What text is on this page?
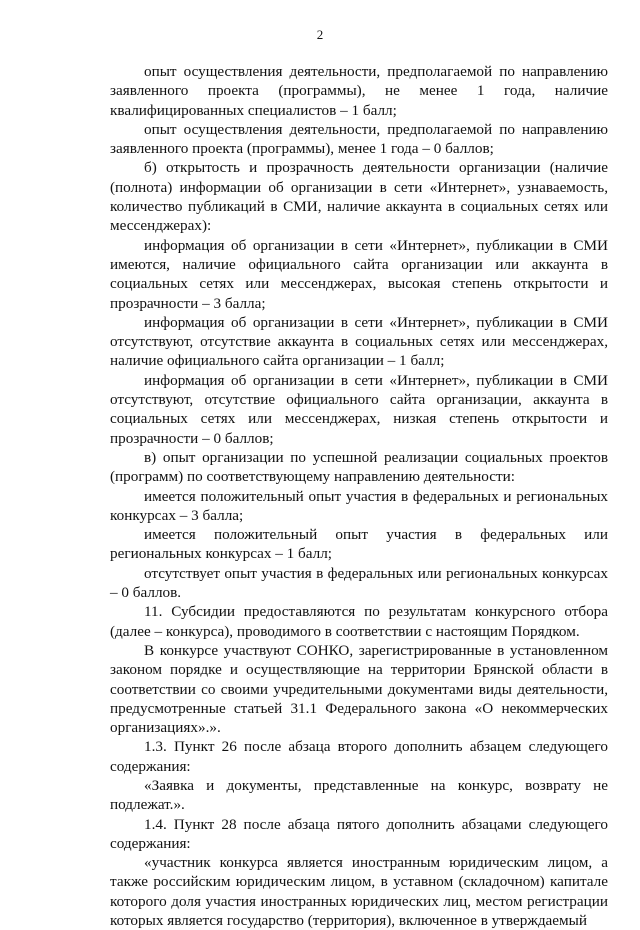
2

опыт осуществления деятельности, предполагаемой по направлению заявленного проекта (программы), не менее 1 года, наличие квалифицированных специалистов – 1 балл;

опыт осуществления деятельности, предполагаемой по направлению заявленного проекта (программы), менее 1 года – 0 баллов;

б) открытость и прозрачность деятельности организации (наличие (полнота) информации об организации в сети «Интернет», узнаваемость, количество публикаций в СМИ, наличие аккаунта в социальных сетях или мессенджерах):

информация об организации в сети «Интернет», публикации в СМИ имеются, наличие официального сайта организации или аккаунта в социальных сетях или мессенджерах, высокая степень открытости и прозрачности – 3 балла;

информация об организации в сети «Интернет», публикации в СМИ отсутствуют, отсутствие аккаунта в социальных сетях или мессенджерах, наличие официального сайта организации – 1 балл;

информация об организации в сети «Интернет», публикации в СМИ отсутствуют, отсутствие официального сайта организации, аккаунта в социальных сетях или мессенджерах, низкая степень открытости и прозрачности – 0 баллов;

в) опыт организации по успешной реализации социальных проектов (программ) по соответствующему направлению деятельности:

имеется положительный опыт участия в федеральных и региональных конкурсах – 3 балла;

имеется положительный опыт участия в федеральных или региональных конкурсах – 1 балл;

отсутствует опыт участия в федеральных или региональных конкурсах – 0 баллов.

11. Субсидии предоставляются по результатам конкурсного отбора (далее – конкурса), проводимого в соответствии с настоящим Порядком.

В конкурсе участвуют СОНКО, зарегистрированные в установленном законом порядке и осуществляющие на территории Брянской области в соответствии со своими учредительными документами виды деятельности, предусмотренные статьей 31.1 Федерального закона «О некоммерческих организациях».».

1.3. Пункт 26 после абзаца второго дополнить абзацем следующего содержания:

«Заявка и документы, представленные на конкурс, возврату не подлежат.».

1.4. Пункт 28 после абзаца пятого дополнить абзацами следующего содержания:

«участник конкурса является иностранным юридическим лицом, а также российским юридическим лицом, в уставном (складочном) капитале которого доля участия иностранных юридических лиц, местом регистрации которых является государство (территория), включенное в утверждаемый
